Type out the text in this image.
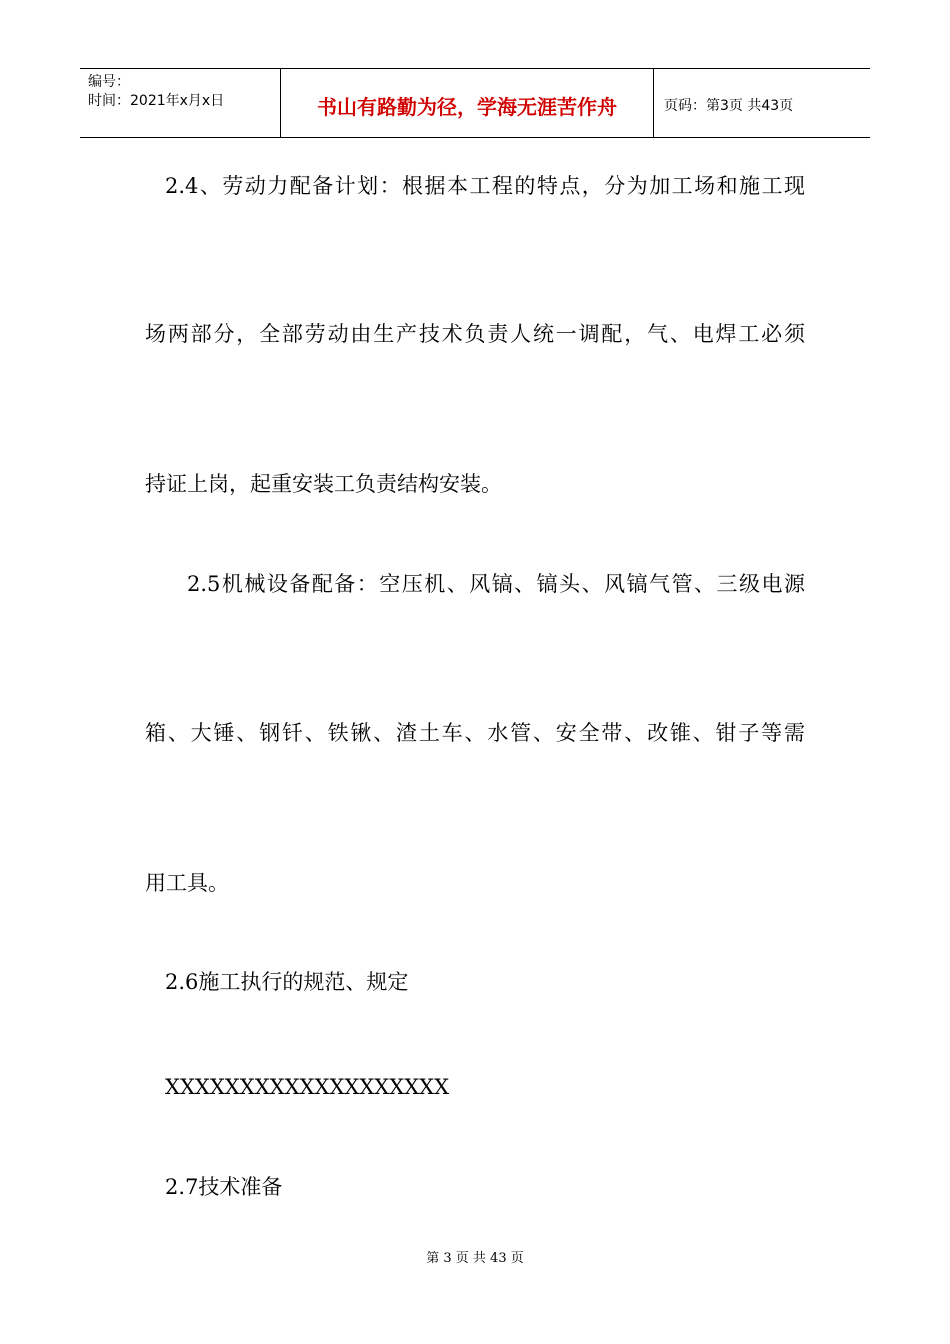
编号：
时间：2021年x月x日	书山有路勤为径，学海无涯苦作舟	页码：第3页 共43页
2.4、劳动力配备计划：根据本工程的特点，分为加工场和施工现
场两部分，全部劳动由生产技术负责人统一调配，气、电焊工必须
持证上岗，起重安装工负责结构安装。
2.5机械设备配备：空压机、风镐、镐头、风镐气管、三级电源
箱、大锤、钢钎、铁锹、渣土车、水管、安全带、改锥、钳子等需
用工具。
2.6施工执行的规范、规定
XXXXXXXXXXXXXXXXXXX
2.7技术准备
第 3 页 共 43 页
